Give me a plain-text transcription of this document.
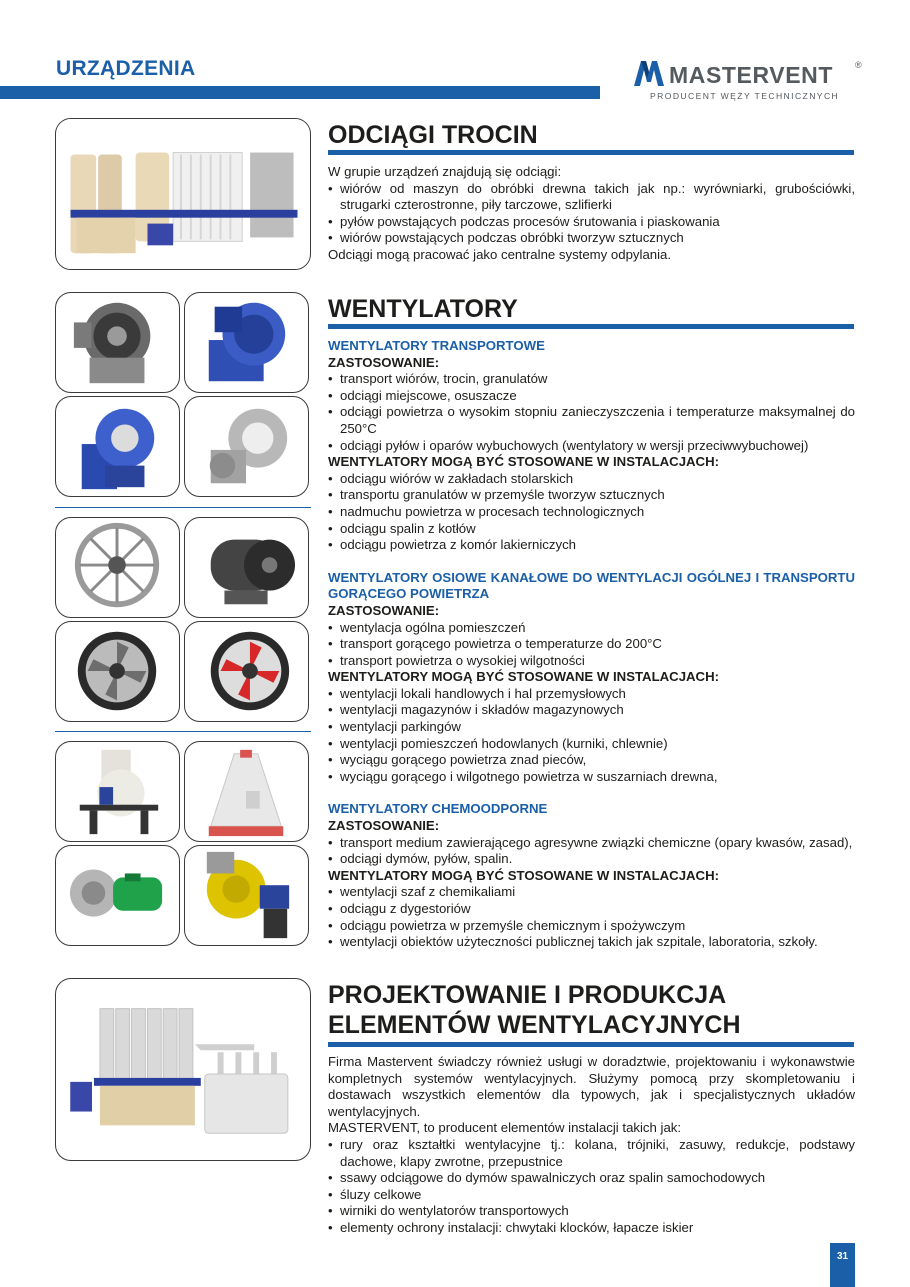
URZĄDZENIA	MASTERVENT ®
PRODUCENT WĘŻY TECHNICZNYCH
ODCIĄGI TROCIN

W grupie urządzeń znajdują się odciągi:

• wiórów od maszyn do obróbki drewna takich jak np.: wyrówniarki, grubościówki, strugarki czterostronne, piły tarczowe, szlifierki
• pyłów powstających podczas procesów śrutowania i piaskowania
• wiórów powstających podczas obróbki tworzyw sztucznych

Odciągi mogą pracować jako centralne systemy odpylania.

WENTYLATORY

WENTYLATORY TRANSPORTOWE

ZASTOSOWANIE:

• transport wiórów, trocin, granulatów
• odciągi miejscowe, osuszacze
• odciągi powietrza o wysokim stopniu zanieczyszczenia i temperaturze maksymalnej do 250°C
• odciągi pyłów i oparów wybuchowych (wentylatory w wersji przeciwwybuchowej)

WENTYLATORY MOGĄ BYĆ STOSOWANE W INSTALACJACH:

• odciągu wiórów w zakładach stolarskich
• transportu granulatów w przemyśle tworzyw sztucznych
• nadmuchu powietrza w procesach technologicznych
• odciągu spalin z kotłów
• odciągu powietrza z komór lakierniczych

WENTYLATORY OSIOWE KANAŁOWE DO WENTYLACJI OGÓLNEJ I TRANSPORTU GORĄCEGO POWIETRZA

ZASTOSOWANIE:

• wentylacja ogólna pomieszczeń
• transport gorącego powietrza o temperaturze do 200°C
• transport powietrza o wysokiej wilgotności

WENTYLATORY MOGĄ BYĆ STOSOWANE W INSTALACJACH:

• wentylacji lokali handlowych i hal przemysłowych
• wentylacji magazynów i składów magazynowych
• wentylacji parkingów
• wentylacji pomieszczeń hodowlanych (kurniki, chlewnie)
• wyciągu gorącego powietrza znad pieców,
• wyciągu gorącego i wilgotnego powietrza w suszarniach drewna,

WENTYLATORY CHEMOODPORNE

ZASTOSOWANIE:

• transport medium zawierającego agresywne związki chemiczne (opary kwasów, zasad),
• odciągi dymów, pyłów, spalin.

WENTYLATORY MOGĄ BYĆ STOSOWANE W INSTALACJACH:

• wentylacji szaf z chemikaliami
• odciągu z dygestoriów
• odciągu powietrza w przemyśle chemicznym i spożywczym
• wentylacji obiektów użyteczności publicznej takich jak szpitale, laboratoria, szkoły.
PROJEKTOWANIE I PRODUKCJA
ELEMENTÓW WENTYLACYJNYCH

Firma Mastervent świadczy również usługi w doradztwie, projektowaniu i wykonawstwie kompletnych systemów wentylacyjnych. Służymy pomocą przy skompletowaniu i dostawach wszystkich elementów dla typowych, jak i specjalistycznych układów wentylacyjnych.

MASTERVENT, to producent elementów instalacji takich jak:

• rury oraz kształtki wentylacyjne tj.: kolana, trójniki, zasuwy, redukcje, podstawy dachowe, klapy zwrotne, przepustnice
• ssawy odciągowe do dymów spawalniczych oraz spalin samochodowych
• śluzy celkowe
• wirniki do wentylatorów transportowych
• elementy ochrony instalacji: chwytaki klocków, łapacze iskier
31
